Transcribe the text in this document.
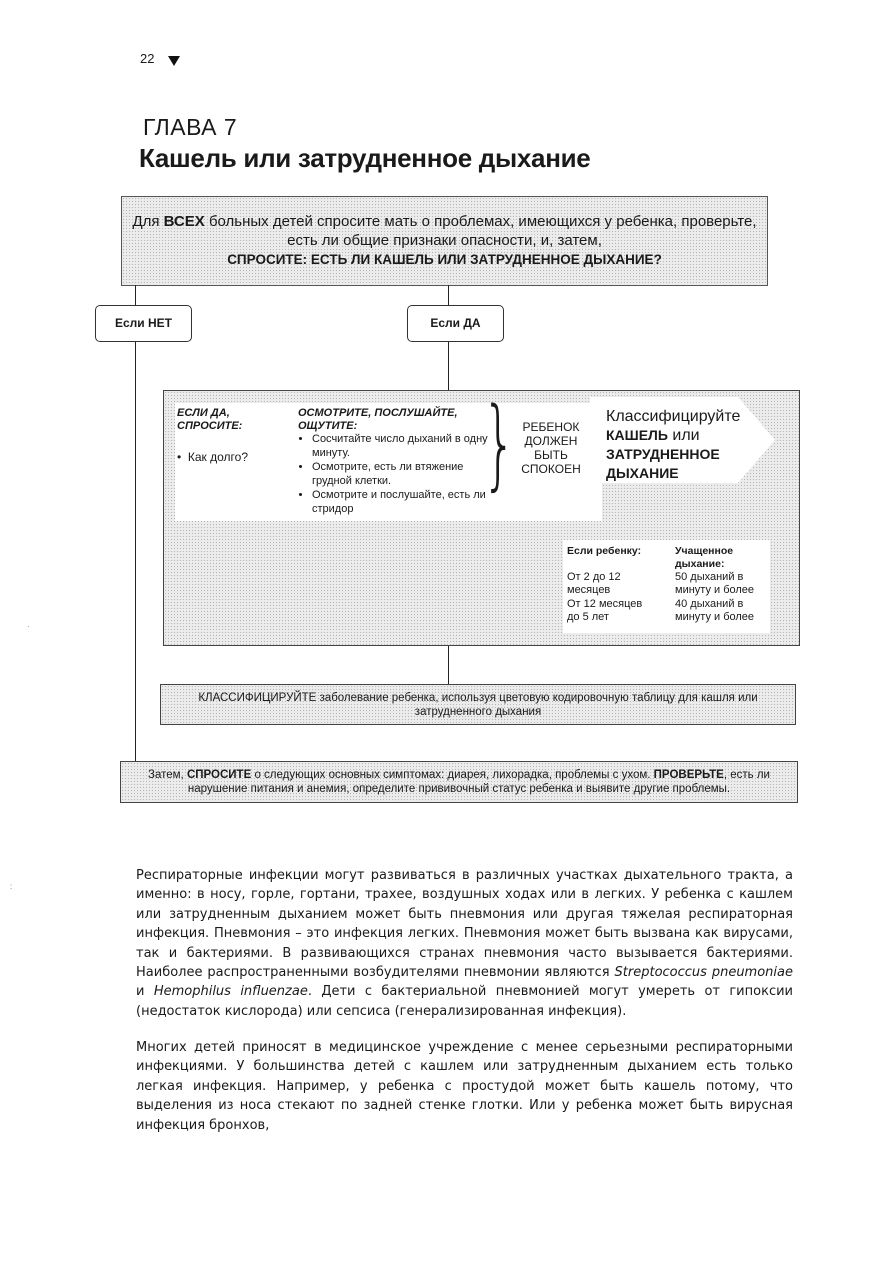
22
ГЛАВА 7
Кашель или затрудненное дыхание
Для ВСЕХ больных детей спросите мать о проблемах, имеющихся у ребенка, проверьте,
есть ли общие признаки опасности, и, затем,
СПРОСИТЕ: ЕСТЬ ЛИ КАШЕЛЬ ИЛИ ЗАТРУДНЕННОЕ ДЫХАНИЕ?
Если НЕТ	Если ДА
ЕСЛИ ДА,
СПРОСИТЕ:
•  Как долго?
ОСМОТРИТЕ, ПОСЛУШАЙТЕ,
ОЩУТИТЕ:
• Сосчитайте число дыханий в одну минуту.
• Осмотрите, есть ли втяжение грудной клетки.
• Осмотрите и послушайте, есть ли стридор
} РЕБЕНОК
ДОЛЖЕН
БЫТЬ
СПОКОЕН
Классифицируйте
КАШЕЛЬ или
ЗАТРУДНЕННОЕ
ДЫХАНИЕ
Если ребенку:	Учащенное
дыхание:
От 2 до 12
месяцев
50 дыханий в
минуту и более
От 12 месяцев
до 5 лет
40 дыханий в
минуту и более
КЛАССИФИЦИРУЙТЕ заболевание ребенка, используя цветовую кодировочную таблицу для кашля или
затрудненного дыхания
Затем, СПРОСИТЕ о следующих основных симптомах: диарея, лихорадка, проблемы с ухом. ПРОВЕРЬТЕ, есть ли
нарушение питания и анемия, определите прививочный статус ребенка и выявите другие проблемы.
Респираторные инфекции могут развиваться в различных участках дыхательного тракта, а именно: в носу, горле, гортани, трахее, воздушных ходах или в легких. У ребенка с кашлем или затрудненным дыханием может быть пневмония или другая тяжелая респираторная инфекция. Пневмония – это инфекция легких. Пневмония может быть вызвана как вирусами, так и бактериями. В развивающихся странах пневмония часто вызывается бактериями. Наиболее распространенными возбудителями пневмонии являются Streptococcus pneumoniae и Hemophilus influenzae. Дети с бактериальной пневмонией могут умереть от гипоксии (недостаток кислорода) или сепсиса (генерализированная инфекция).
Многих детей приносят в медицинское учреждение с менее серьезными респираторными инфекциями. У большинства детей с кашлем или затрудненным дыханием есть только легкая инфекция. Например, у ребенка с простудой может быть кашель потому, что выделения из носа стекают по задней стенке глотки. Или у ребенка может быть вирусная инфекция бронхов,
·
:
